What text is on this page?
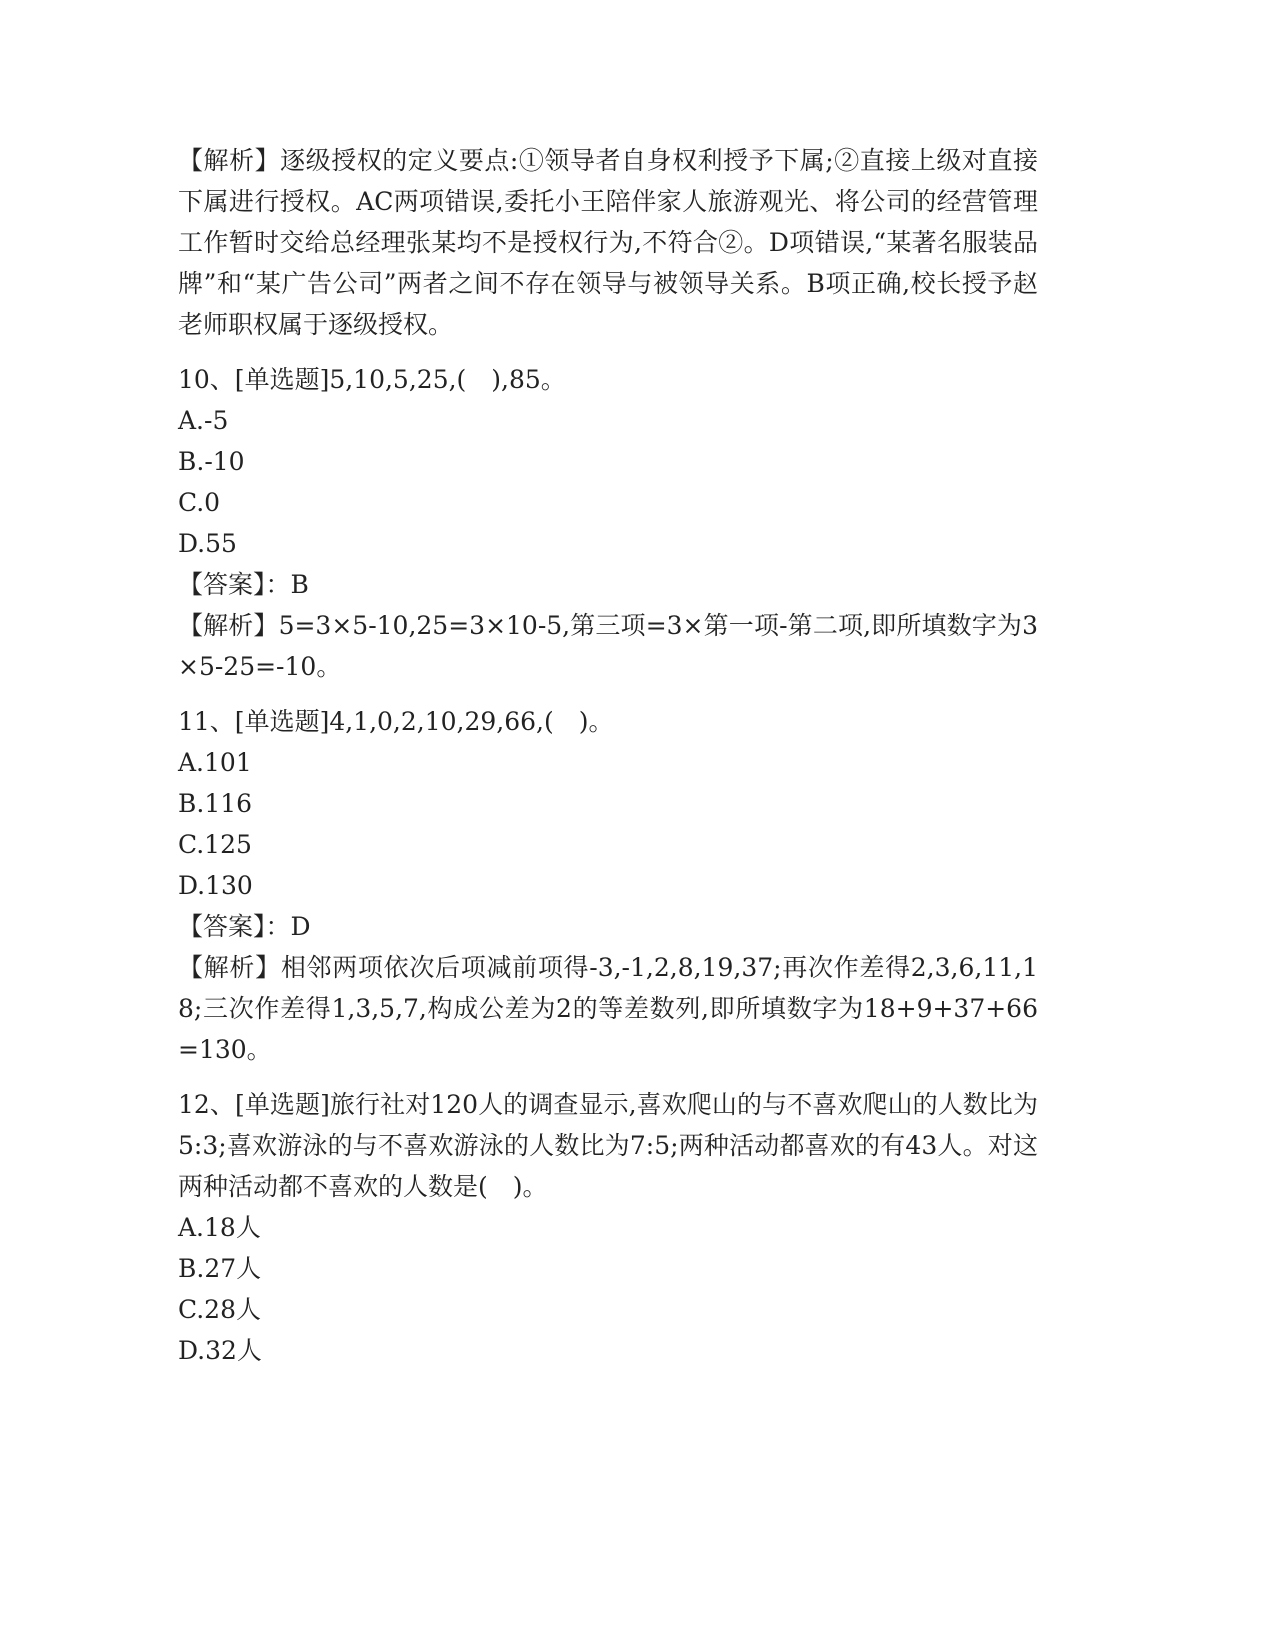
【解析】逐级授权的定义要点:①领导者自身权利授予下属;②直接上级对直接下属进行授权。AC两项错误,委托小王陪伴家人旅游观光、将公司的经营管理工作暂时交给总经理张某均不是授权行为,不符合②。D项错误,“某著名服装品牌”和“某广告公司”两者之间不存在领导与被领导关系。B项正确,校长授予赵老师职权属于逐级授权。

10、[单选题]5,10,5,25,(　),85。

A.-5

B.-10

C.0

D.55

【答案】：B

【解析】5=3×5-10,25=3×10-5,第三项=3×第一项-第二项,即所填数字为3×5-25=-10。

11、[单选题]4,1,0,2,10,29,66,(　)。

A.101

B.116

C.125

D.130

【答案】：D

【解析】相邻两项依次后项减前项得-3,-1,2,8,19,37;再次作差得2,3,6,11,18;三次作差得1,3,5,7,构成公差为2的等差数列,即所填数字为18+9+37+66=130。

12、[单选题]旅行社对120人的调查显示,喜欢爬山的与不喜欢爬山的人数比为5:3;喜欢游泳的与不喜欢游泳的人数比为7:5;两种活动都喜欢的有43人。对这两种活动都不喜欢的人数是(　)。

A.18人

B.27人

C.28人

D.32人
